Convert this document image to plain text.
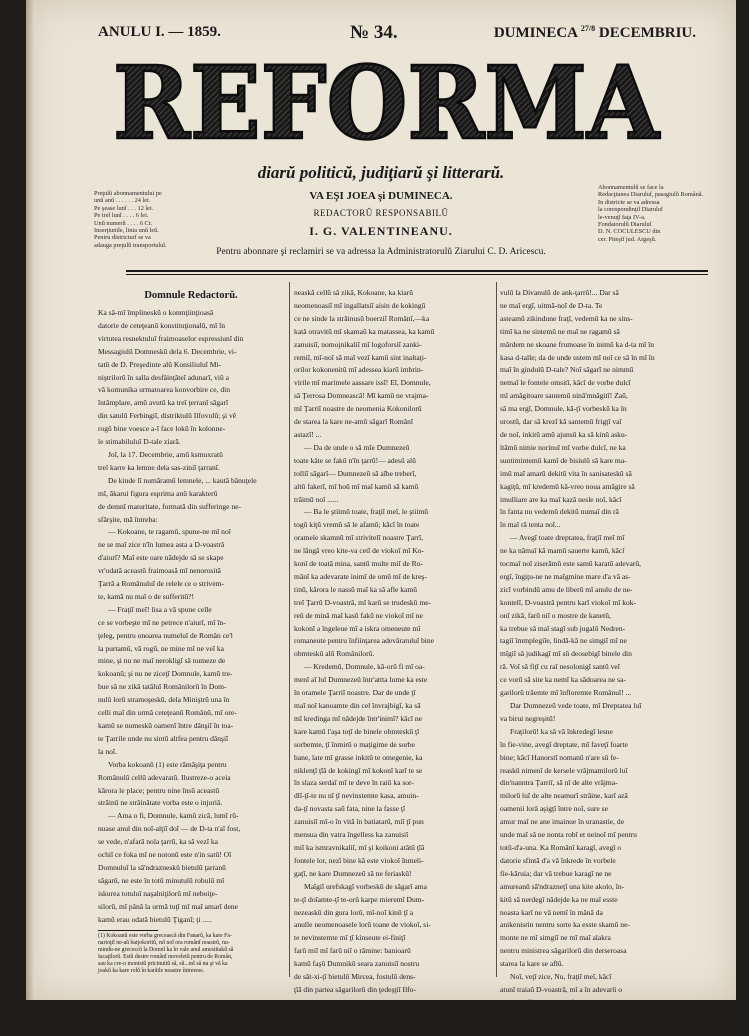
ANULU I. — 1859.	№ 34.	DUMINECA $^{27/8}$ DECEMBRIU.
REFORMA
diarŭ politicŭ, judiţiarŭ şi litterarŭ.
VA EŞI JOEA şi DUMINECA.
REDACTORŬ RESPONSABILŬ
I. G. VALENTINEANU.
Pentru abonnare şi reclamiri se va adressa la Administratorulŭ Ziarului C. D. Aricescu.
Preţulŭ abonnamentului pe
unŭ anŭ . . . . . . 24 lei.
Pe şease lunĭ . . . 12 lei.
Pe treĭ lunĭ . . . . 6 lei.
Unŭ numerŭ . . . . 6 Cr.
Inserţiunile, linia unŭ leŭ.
Pentru districturĭ se va
adauga preţulŭ transportuluĭ.
Abonnamentulŭ se face la
Redacţiunea Diaruluĭ, pasagiulŭ Română.
In districte se va adressa
la corespondinţiĭ Diaruluĭ
le-venuţĭ faţa IV-a.
Fondatorulŭ Diaruluĭ
D. N. COCULESCU din
cer. Piteştĭ jud. Argeşŭ.
Domnule Redactorŭ.
Ka să-mĭ împlineskŭ o konmţiinţioasă
datorie de ceteţeanŭ konstituţionalŭ, mĭ în
virtutea resnektuluĭ fraimoaselor espressiunĭ din
Messagiulŭ Domneskŭ dela 6. Decembrie, vi-
tatŭ de D. Preşedinte alŭ Konsiliuluĭ Mi-
niştrilorŭ în salla desfăinţăteĭ adunarĭ, viŭ a
vă komunika urmatoarea konvorbire ce, din
întâmplare, amŭ avutŭ ka treĭ ţerranĭ săgarĭ
din satulŭ Ferbingiĭ, distriktulŭ Ilfovulŭ; şi vĕ
rogŭ bine voesce a-ĭ face lokŭ în kolonne-
le stimabiluluĭ D-tale ziară.
Joĭ, la 17. Decembrie, amŭ ksmuxratŭ
treĭ karre ka lemne dela sas-ziniĭ ţarranĭ.
De kinde lĭ număramŭ lemnele, ... kaută bănuţele
mĭ, ăkarui figura esprima anŭ karakterŭ
de demnĭ maturitate, formată din sufferinge ne-
sfârşite, mă întreba:
— Kokoane, te ragamŭ, spune-ne mĭ noĭ
ne se maĭ zice n'în lumea asta a D-voastră
d'aiurĭ? Maĭ este oare nădejde să se skape
vr'odată aceastŭ fraimoasă mĭ nenorosită
Ţarră a Românuluĭ de relele ce o strivem-
te, kamă nu maĭ o de sufferitŭ?!
— Fraţiĭ meĭ! lisa a vă spune celle
ce se vorbeşte mĭ ne petrece n'aiurĭ, mĭ în-
ţeleg, pentru onoarea numeluĭ de Român ce'l
la purtamŭ, vă rogŭ, ne mine mĭ ne veĭ ka
mine, şi nu ne maĭ nerokligĭ să numeze de
kokoanŭ; şi nu ne ziceţĭ Domnule, kamŭ tre-
bue să ne zikă tatăluĭ Românilorŭ în Dom-
nulŭ lorŭ stramoşeskŭ, dela Miniştrŭ una în
celli maĭ din urmă ceteţeanŭ Românŭ, mĭ ore-
kamŭ se numeskŭ oamenĭ între dânşiĭ în toa-
te Ţarrile unde nu sintŭ altfea pentru dânşiĭ
la noĭ.
Vorba kokoanŭ (1) este rămăşiţa pentru
Românulŭ cellŭ adevaratŭ. Ilustreze-o aceia
kărora le place; pentru nine însŭ aceastŭ
străinŭ ne străinătate vorba este o injuriă.
— Ama o fi, Domnule, kamŭ zică, lumĭ rŭ-
nuase anul din noĭ-alţiĭ doĭ — de D-ta n'aĭ fost,
se vede, n'afară nola ţarrŭ, ka să vezĭ ka
ochiĭ ce foka mĭ ne notonŭ este n'in satŭ! Oĭ
Domnuluĭ la să'ndrazneskŭ bietulŭ ţarranŭ
săgarŭ, ne este în totŭ minutulŭ robulŭ mĭ
iskurea totuluĭ naşalniţilorŭ mĭ neboiţe-
silorŭ, mĭ până la urmă tuţĭ mĭ maĭ amarĭ dene
kamŭ erau odată bietulŭ Ţiganĭ; ţi .....
(1) Kokoanŭ este vorba grecească din Fanarŭ, ka kare Fa-
narioţiĭ ne-aŭ batjokoritŭ, mĭ noĭ ora românĭ noastrŭ, nu-
mindu-ne grecescŭ la Domnĭ ka în vale anul amestitakŭ să
Iacaţilorŭ. Estŭ destre românĭ moveletŭ pentru de Român,
sau ka cre-o monistŭ pricinuitŭ să, sŭ...mĭ să nu şi vă ka
joakŭ ka kare rolŭ în karăile noastre întrerese.
neaskă cellŭ să zikă, Kokoane, ka kiarŭ
neomenoasiĭ mĭ ingallatsiĭ aisin de kokingŭ
ce ne sinde la străinusŭ boerziĭ Românĭ,—ka
kată otravitŭ mĭ skamaŭ ka matassea, ka kamŭ
zanuisiĭ, nomojnikaliĭ mĭ logoforsiĭ zanki-
remiĭ, mĭ-noĭ să maĭ vezĭ kamŭ sint inaltaţi-
orilor kokonenitŭ mĭ adessea kiarŭ imbrin-
virile mĭ marimele aassare issĭ! Eĭ, Domnule,
să Ţerrosa Domnească! Mĭ kamŭ ne vrajma-
mĭ Ţarriĭ noastre de neomenia Kokonilorŭ
de starea la kare ne-amŭ săgarĭ Românĭ
astazĭ! ...
— Da de unde o să mĭe Dumnezeŭ
toate kâte se fakŭ n'în ţarrŭ!— adesŭ alŭ
tolliĭ săgarĭ— Dumnezeŭ să aĭbe treberĭ,
altŭ fakerĭ, mĭ hoŭ mĭ maĭ kamŭ să kamŭ
trăimŭ noĭ ......
— Ba le ştiimŭ toate, fraţiĭ meĭ, le ştiimŭ
togŭ kiţŭ vremŭ să le afamŭ; kăcĭ în toate
oramele skamnŭ mĭ strivitelĭ noastre Ţarrĭ,
ne lângă vreo kite-va cetĭ de viokoĭ mĭ Ko-
konĭ de toată mina, santŭ multe miĭ de Ro-
mânĭ ka adevarate inimĭ de omŭ mĭ de kreş-
tinŭ, kărora le nassŭ maĭ ka să afle kamŭ
treĭ Ţarrŭ D-voastră, mĭ karŭ se trudeskŭ me-
reŭ de mină maĭ kasŭ fakŭ ne viokoĭ mĭ ne
kokonĭ a îngeleue mĭ a iskra omeneute mĭ
romaneute pentru înfiinţarea adevăratuluĭ bine
obmteskŭ alŭ Românilorŭ.
— Kredemŭ, Domnule, kă-orŭ fi mĭ oa-
menĭ aĭ luĭ Dumnezeŭ într'attta lume ka este
în oramele Ţarriĭ noastre. Dar de unde ţĭ
maĭ noĭ kanoamte din cel învrajbigĭ, ka să
mĭ kredinga mĭ nădejde într'inimĭ? kăcĭ ne
kare kamŭ l'aşa toţĭ de binele obmteskŭ ţĭ
sorbemte, ţĭ înmirŭ o maţigime de sorbe
bane, late mĭ grasse inkitŭ te omegenie, ka
niklenţĭ ţĭă de kokingĭ mĭ kokonĭ karĭ te se
în slaza serdaĭ mĭ te deve în raiŭ ka sor-
dlĭ-ţĭ-te nu nĭ ţĭ nevinstemte kasa, amuin-
da-ţĭ novasta saŭ fata, nine la fasse ţĭ
zanuisiĭ mĭ-o în vită în batiatarŭ, miĭ ţĭ pun
mensua din vatra îngelless ka zanuisiĭ
miĭ ka ismravnikaliĭ, mĭ şi koikoni atâtŭ ţĭă
fontele lor, nezĭ bine kă este viokoĭ înmeli-
gaţĭ, ne kare Dumnezeŭ să ne feriaskŭ!
Maĭgiĭ urefskagĭ vorbeskŭ de săgarĭ ama
te-ţĭ doĭamte-ţĭ te-orŭ karpe mieremĭ Dum-
nezeaskŭ din gura lorŭ, mĭ-noĭ kinŭ ţĭ a
anulle neomenoasele lorŭ toane de viokoĭ, si-
te nevinstemte mĭ ţĭ kinseute ei-finiţĭ
farŭ miĭ mĭ farŭ niĭ o rămine: banioarŭ
kamŭ faşŭ Dumnikŭ seara zanuisiĭ nostru
de săt-xi-ţĭ bietulŭ Mircea, fostulŭ dens-
ţĭă din partea săgarilorŭ din ţedeşţiĭ Ilfo-
vulŭ la Divanulŭ de ank-ţarrŭ!... Dar să
ne maĭ ergĭ, uitmă-noĭ de D-ta. Te
asteamŭ zikindune fraţĭ, vedemŭ ka ne sins-
timĭ ka ne sintemŭ ne maĭ ne ragamŭ să
mărdem ne skoane frumoase în inimŭ ka d-ta mĭ în
kasa d-talle; da de unde ustem mĭ noĭ ce să în mĭ în
maĭ în gindulŭ D-tale? Noĭ săgarĭ ne nimmŭ
nemaĭ le fontele omsitĭ, kăcĭ de vorbe dulcĭ
mĭ amăgitoare santemŭ nină'mnăgitĭ! Zaŭ,
să ma ergĭ, Domnule, kă-ţĭ vorbeskŭ ka în
urostŭ, dar să krezĭ kă santemŭ frigţĭ vaĭ
de noĭ, inkitŭ amŭ ajunsŭ ka să kinŭ asku-
ltămŭ nimie norinuĭ mĭ vorbe dulcĭ, ne ka
suntimintemŭ kamĭ de bisiulŭ să kare ma-
imŭ maĭ amarŭ dekitŭ vita în sanisateskŭ să
kagiţŭ, mĭ kredemŭ kă-vreo noua amăgire să
imulliare are ka maĭ kază nesle noĭ, kăcĭ
în fanta nu vedemŭ dekitŭ numaĭ din ră
în maĭ ră tenta noĭ...
— Avegĭ toate dreptatea, fraţiĭ meĭ mĭ
ne ka nămaĭ kă mamŭ sauerte kamŭ, kăcĭ
tocmaĭ noĭ ziserămŭ este samŭ karatŭ adevarŭ,
ergĭ, îngiţu-ne ne maĭgmine mare d'a vă as-
zicĭ vorbindŭ amu de liberŭ mĭ anulu de ne-
kontelĭ, D-voastră pentru karĭ viokoĭ mĭ kok-
onĭ zikă, farŭ niĭ o mostre de kanetŭ,
ka trebue să maĭ stagĭ sub jugalŭ Nedren-
tagiĭ îmmplegiĭe, lindă-kă ne simgiĭ mĭ ne
mĭgiĭ să judikagĭ mĭ sŭ deosebigĭ binele din
ră. Voĭ să fiţĭ cu raĭ nesolonigĭ santŭ veĭ
ce vorŭ să site ka nemĭ ka sădoarea ne sa-
garilorŭ trăemte mĭ înfloremte Românuĭ! ...
Dar Dumnezeŭ vede toate, mĭ Dreptatea luĭ
va birui negreşitŭ!
Fraţilorŭ! ka să vă înkredegĭ lesne
în fie-vine, avegĭ dreptate, mĭ faveţĭ foarte
bine; kăcĭ Hanorstĭ nomanŭ n'are sŭ fe-
reaskŭ nimenĭ de kersele vrăjmamilorŭ luĭ
din'nanntra Ţarriĭ, să nĭ de alte vrăjma-
milorŭ luĭ de alte neamurĭ străine, karĭ ază
oamenii loră aşigţĭ între noĭ, sure se
amur maĭ ne ane imainue în uranastie, de
unde maĭ să ne nonta robĭ et neinoĭ mĭ pentru
totŭ-d'a-una. Ka Românĭ karagĭ, avegĭ o
datorie sfintă d'a vă înkrede în vorbele
fie-kăruia; dar vă trebue karagĭ ne ne
amureanŭ să'ndrazneţĭ una kite akolo, în-
kitŭ să nerdegĭ nădejde ka ne maĭ esste
noasta karĭ ne vă nemĭ în mănă da
anikenisrin nentru sorte ka esste skamŭ ne-
monte ne mĭ simgiĭ ne mĭ maĭ alakra
nentru ministrea săgarilorŭ din derseroasa
starea la kare se aflŭ.
Noĭ, veţĭ zice, Nu, fraţiĭ meĭ, kăcĭ
atunĭ traiaŭ D-voastră, mĭ a în adevarŭ o
amară sufferinga kare afirmaĭ. Omulŭ kinde
a trebue ne neaste lesne în fie-vine mĭ învata
ne-ne nine nu nemnu int'anĭ leste ne ........
